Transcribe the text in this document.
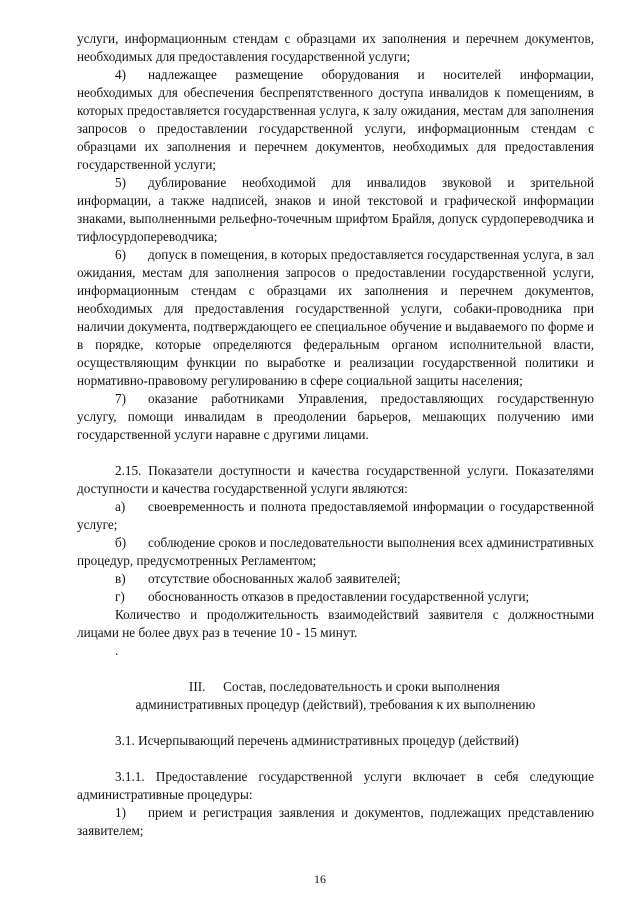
услуги, информационным стендам с образцами их заполнения и перечнем документов, необходимых для предоставления государственной услуги;

4) надлежащее размещение оборудования и носителей информации, необходимых для обеспечения беспрепятственного доступа инвалидов к помещениям, в которых предоставляется государственная услуга, к залу ожидания, местам для заполнения запросов о предоставлении государственной услуги, информационным стендам с образцами их заполнения и перечнем документов, необходимых для предоставления государственной услуги;

5) дублирование необходимой для инвалидов звуковой и зрительной информации, а также надписей, знаков и иной текстовой и графической информации знаками, выполненными рельефно-точечным шрифтом Брайля, допуск сурдопереводчика и тифлосурдопереводчика;

6) допуск в помещения, в которых предоставляется государственная услуга, в зал ожидания, местам для заполнения запросов о предоставлении государственной услуги, информационным стендам с образцами их заполнения и перечнем документов, необходимых для предоставления государственной услуги, собаки-проводника при наличии документа, подтверждающего ее специальное обучение и выдаваемого по форме и в порядке, которые определяются федеральным органом исполнительной власти, осуществляющим функции по выработке и реализации государственной политики и нормативно-правовому регулированию в сфере социальной защиты населения;

7) оказание работниками Управления, предоставляющих государственную услугу, помощи инвалидам в преодолении барьеров, мешающих получению ими государственной услуги наравне с другими лицами.

2.15. Показатели доступности и качества государственной услуги. Показателями доступности и качества государственной услуги являются:

а) своевременность и полнота предоставляемой информации о государственной услуге;

б) соблюдение сроков и последовательности выполнения всех административных процедур, предусмотренных Регламентом;

в) отсутствие обоснованных жалоб заявителей;

г) обоснованность отказов в предоставлении государственной услуги;

Количество и продолжительность взаимодействий заявителя с должностными лицами не более двух раз в течение 10 - 15 минут.

.

III. Состав, последовательность и сроки выполнения

административных процедур (действий), требования к их выполнению

3.1. Исчерпывающий перечень административных процедур (действий)

3.1.1. Предоставление государственной услуги включает в себя следующие административные процедуры:

1) прием и регистрация заявления и документов, подлежащих представлению заявителем;

16
